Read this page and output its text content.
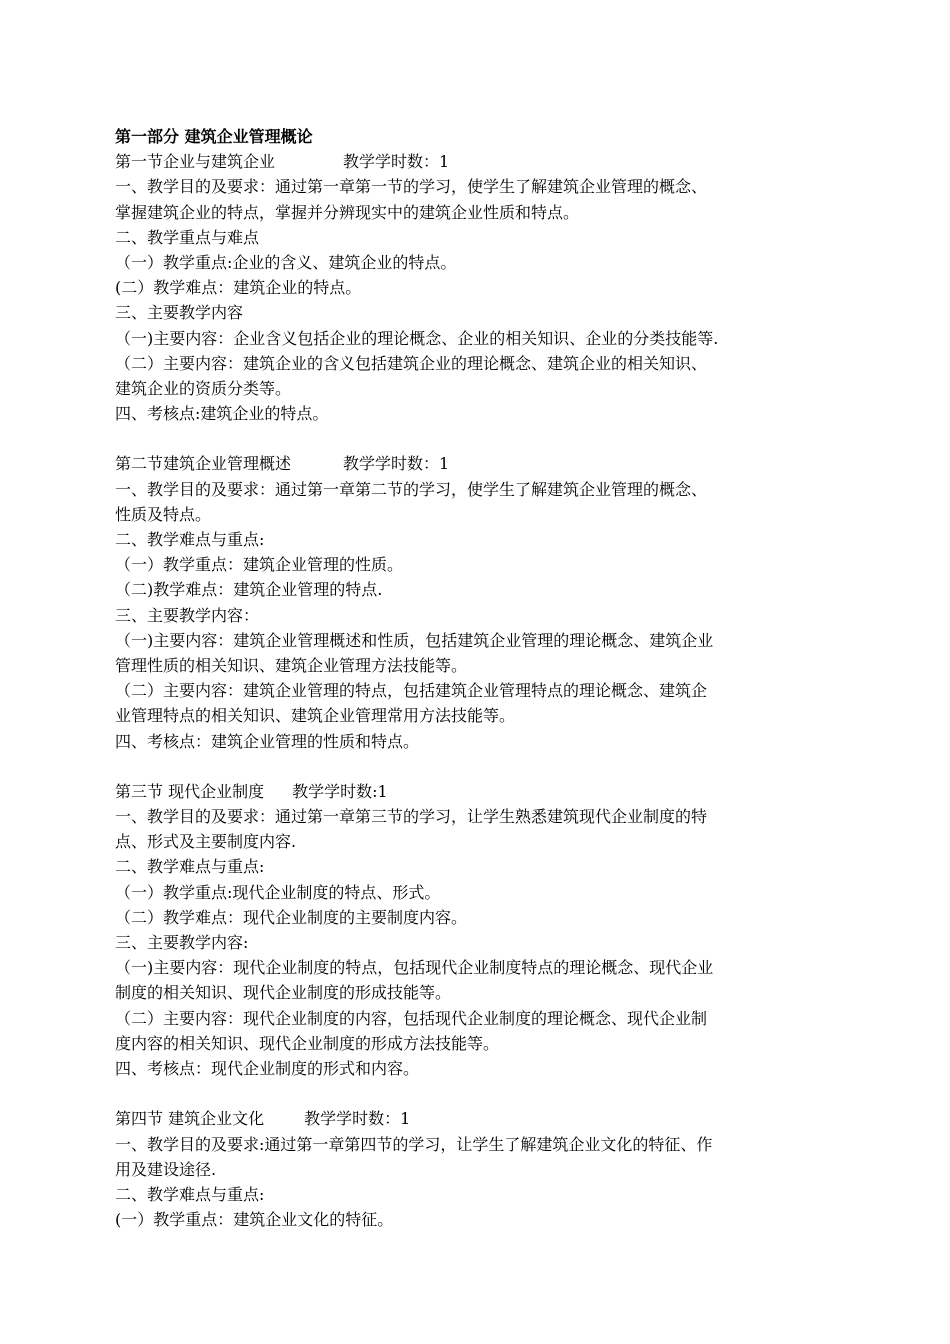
第一部分 建筑企业管理概论

第一节企业与建筑企业	教学学时数：1

一、教学目的及要求：通过第一章第一节的学习，使学生了解建筑企业管理的概念、

掌握建筑企业的特点，掌握并分辨现实中的建筑企业性质和特点。

二、教学重点与难点

（一）教学重点:企业的含义、建筑企业的特点。

(二）教学难点：建筑企业的特点。

三、主要教学内容

（一)主要内容：企业含义包括企业的理论概念、企业的相关知识、企业的分类技能等.

（二）主要内容：建筑企业的含义包括建筑企业的理论概念、建筑企业的相关知识、

建筑企业的资质分类等。

四、考核点:建筑企业的特点。

第二节建筑企业管理概述	教学学时数：1

一、教学目的及要求：通过第一章第二节的学习，使学生了解建筑企业管理的概念、

性质及特点。

二、教学难点与重点:

（一）教学重点：建筑企业管理的性质。

（二)教学难点：建筑企业管理的特点.

三、主要教学内容：

（一)主要内容：建筑企业管理概述和性质，包括建筑企业管理的理论概念、建筑企业

管理性质的相关知识、建筑企业管理方法技能等。

（二）主要内容：建筑企业管理的特点，包括建筑企业管理特点的理论概念、建筑企

业管理特点的相关知识、建筑企业管理常用方法技能等。

四、考核点：建筑企业管理的性质和特点。

第三节 现代企业制度 教学学时数:1

一、教学目的及要求：通过第一章第三节的学习，让学生熟悉建筑现代企业制度的特

点、形式及主要制度内容.

二、教学难点与重点:

（一）教学重点:现代企业制度的特点、形式。

（二）教学难点：现代企业制度的主要制度内容。

三、主要教学内容:

（一)主要内容：现代企业制度的特点，包括现代企业制度特点的理论概念、现代企业

制度的相关知识、现代企业制度的形成技能等。

（二）主要内容：现代企业制度的内容，包括现代企业制度的理论概念、现代企业制

度内容的相关知识、现代企业制度的形成方法技能等。

四、考核点：现代企业制度的形式和内容。

第四节 建筑企业文化	教学学时数：1

一、教学目的及要求:通过第一章第四节的学习，让学生了解建筑企业文化的特征、作

用及建设途径.

二、教学难点与重点:

(一）教学重点：建筑企业文化的特征。
